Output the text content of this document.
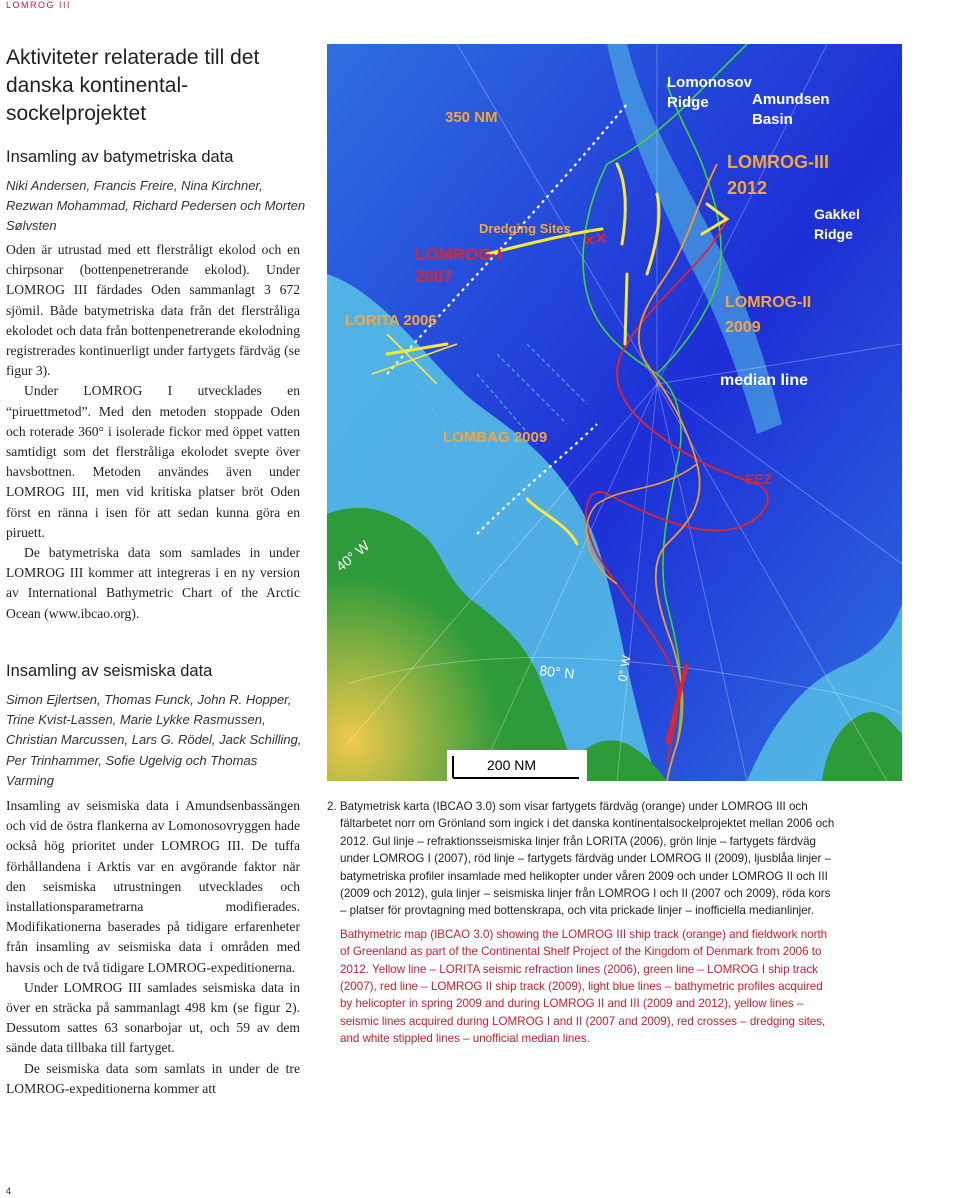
LOMROG III
Aktiviteter relaterade till det danska kontinentalsockelprojektet
Insamling av batymetriska data

Niki Andersen, Francis Freire, Nina Kirchner, Rezwan Mohammad, Richard Pedersen och Morten Sølvsten

Oden är utrustad med ett flerstråligt ekolod och en chirpsonar (bottenpenetrerande ekolod). Under LOMROG III färdades Oden sammanlagt 3 672 sjömil. Både batymetriska data från det flerstråliga ekolodet och data från bottenpenetrerande ekolodning registrerades kontinuerligt under fartygets färdväg (se figur 3).

Under LOMROG I utvecklades en “piruettmetod”. Med den metoden stoppade Oden och roterade 360° i isolerade fickor med öppet vatten samtidigt som det flerstråliga ekolodet svepte över havsbottnen. Metoden användes även under LOMROG III, men vid kritiska platser bröt Oden först en ränna i isen för att sedan kunna göra en piruett.

De batymetriska data som samlades in under LOMROG III kommer att integreras i en ny version av International Bathymetric Chart of the Arctic Ocean (www.ibcao.org).

Insamling av seismiska data

Simon Ejlertsen, Thomas Funck, John R. Hopper, Trine Kvist-Lassen, Marie Lykke Rasmussen, Christian Marcussen, Lars G. Rödel, Jack Schilling, Per Trinhammer, Sofie Ugelvig och Thomas Varming

Insamling av seismiska data i Amundsenbassängen och vid de östra flankerna av Lomonosovryggen hade också hög prioritet under LOMROG III. De tuffa förhållandena i Arktis var en avgörande faktor när den seismiska utrustningen utvecklades och installationsparametrarna modifierades. Modifikationerna baserades på tidigare erfarenheter från insamling av seismiska data i områden med havsis och de två tidigare LOMROG-expeditionerna.

Under LOMROG III samlades seismiska data in över en sträcka på sammanlagt 498 km (se figur 2). Dessutom sattes 63 sonarbojar ut, och 59 av dem sände data tillbaka till fartyget.

De seismiska data som samlats in under de tre LOMROG-expeditionerna kommer att

Lomonosov
Ridge	Amundsen
Basin
350 NM
LOMROG-III
2012
Gakkel
Ridge
Dredging Sites
LOMROG-I
2007
LOMROG-II
2009
LORITA 2006
median line
LOMBAG 2009
EEZ
40° W
80° N	0° W
200 NM

2. Batymetrisk karta (IBCAO 3.0) som visar fartygets färdväg (orange) under LOMROG III och fältarbetet norr om Grönland som ingick i det danska kontinentalsockelprojektet mellan 2006 och 2012. Gul linje – refraktionsseismiska linjer från LORITA (2006), grön linje – fartygets färdväg under LOMROG I (2007), röd linje – fartygets färdväg under LOMROG II (2009), ljusblåa linjer – batymetriska profiler insamlade med helikopter under våren 2009 och under LOMROG II och III (2009 och 2012), gula linjer – seismiska linjer från LOMROG I och II (2007 och 2009), röda kors – platser för provtagning med bottenskrapa, och vita prickade linjer – inofficiella medianlinjer.

Bathymetric map (IBCAO 3.0) showing the LOMROG III ship track (orange) and fieldwork north of Greenland as part of the Continental Shelf Project of the Kingdom of Denmark from 2006 to 2012. Yellow line – LORITA seismic refraction lines (2006), green line – LOMROG I ship track (2007), red line – LOMROG II ship track (2009), light blue lines – bathymetric profiles acquired by helicopter in spring 2009 and during LOMROG II and III (2009 and 2012), yellow lines – seismic lines acquired during LOMROG I and II (2007 and 2009), red crosses – dredging sites, and white stippled lines – unofficial median lines.

4
